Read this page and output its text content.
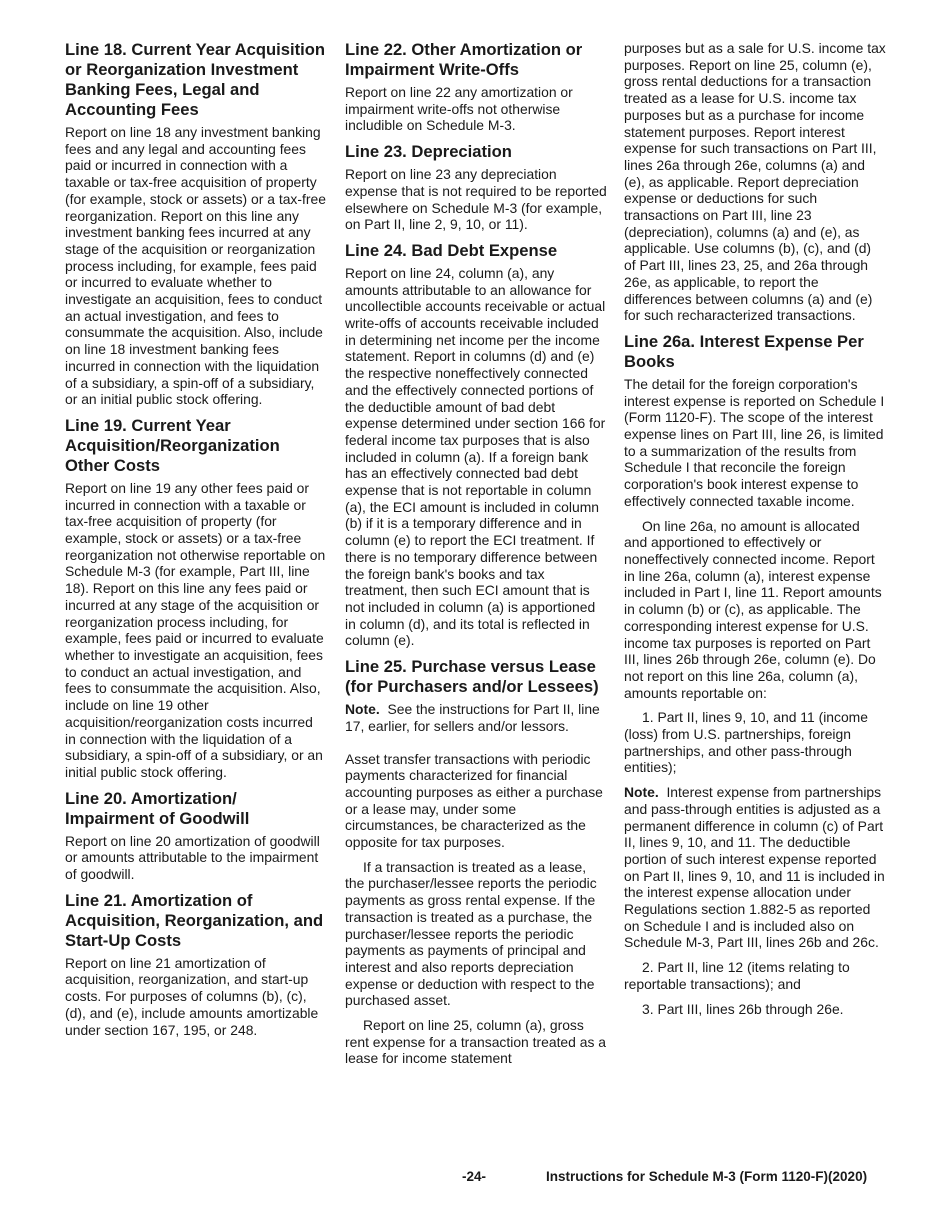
Line 18. Current Year Acquisition or Reorganization Investment Banking Fees, Legal and Accounting Fees

Report on line 18 any investment banking fees and any legal and accounting fees paid or incurred in connection with a taxable or tax-free acquisition of property (for example, stock or assets) or a tax-free reorganization. Report on this line any investment banking fees incurred at any stage of the acquisition or reorganization process including, for example, fees paid or incurred to evaluate whether to investigate an acquisition, fees to conduct an actual investigation, and fees to consummate the acquisition. Also, include on line 18 investment banking fees incurred in connection with the liquidation of a subsidiary, a spin-off of a subsidiary, or an initial public stock offering.

Line 19. Current Year Acquisition/Reorganization Other Costs

Report on line 19 any other fees paid or incurred in connection with a taxable or tax-free acquisition of property (for example, stock or assets) or a tax-free reorganization not otherwise reportable on Schedule M-3 (for example, Part III, line 18). Report on this line any fees paid or incurred at any stage of the acquisition or reorganization process including, for example, fees paid or incurred to evaluate whether to investigate an acquisition, fees to conduct an actual investigation, and fees to consummate the acquisition. Also, include on line 19 other acquisition/reorganization costs incurred in connection with the liquidation of a subsidiary, a spin-off of a subsidiary, or an initial public stock offering.

Line 20. Amortization/ Impairment of Goodwill

Report on line 20 amortization of goodwill or amounts attributable to the impairment of goodwill.

Line 21. Amortization of Acquisition, Reorganization, and Start-Up Costs

Report on line 21 amortization of acquisition, reorganization, and start-up costs. For purposes of columns (b), (c), (d), and (e), include amounts amortizable under section 167, 195, or 248.

Line 22. Other Amortization or Impairment Write-Offs

Report on line 22 any amortization or impairment write-offs not otherwise includible on Schedule M-3.

Line 23. Depreciation

Report on line 23 any depreciation expense that is not required to be reported elsewhere on Schedule M-3 (for example, on Part II, line 2, 9, 10, or 11).

Line 24. Bad Debt Expense

Report on line 24, column (a), any amounts attributable to an allowance for uncollectible accounts receivable or actual write-offs of accounts receivable included in determining net income per the income statement. Report in columns (d) and (e) the respective noneffectively connected and the effectively connected portions of the deductible amount of bad debt expense determined under section 166 for federal income tax purposes that is also included in column (a). If a foreign bank has an effectively connected bad debt expense that is not reportable in column (a), the ECI amount is included in column (b) if it is a temporary difference and in column (e) to report the ECI treatment. If there is no temporary difference between the foreign bank's books and tax treatment, then such ECI amount that is not included in column (a) is apportioned in column (d), and its total is reflected in column (e).

Line 25. Purchase versus Lease (for Purchasers and/or Lessees)

Note. See the instructions for Part II, line 17, earlier, for sellers and/or lessors.

Asset transfer transactions with periodic payments characterized for financial accounting purposes as either a purchase or a lease may, under some circumstances, be characterized as the opposite for tax purposes.

If a transaction is treated as a lease, the purchaser/lessee reports the periodic payments as gross rental expense. If the transaction is treated as a purchase, the purchaser/lessee reports the periodic payments as payments of principal and interest and also reports depreciation expense or deduction with respect to the purchased asset.

Report on line 25, column (a), gross rent expense for a transaction treated as a lease for income statement

purposes but as a sale for U.S. income tax purposes. Report on line 25, column (e), gross rental deductions for a transaction treated as a lease for U.S. income tax purposes but as a purchase for income statement purposes. Report interest expense for such transactions on Part III, lines 26a through 26e, columns (a) and (e), as applicable. Report depreciation expense or deductions for such transactions on Part III, line 23 (depreciation), columns (a) and (e), as applicable. Use columns (b), (c), and (d) of Part III, lines 23, 25, and 26a through 26e, as applicable, to report the differences between columns (a) and (e) for such recharacterized transactions.

Line 26a. Interest Expense Per Books

The detail for the foreign corporation's interest expense is reported on Schedule I (Form 1120-F). The scope of the interest expense lines on Part III, line 26, is limited to a summarization of the results from Schedule I that reconcile the foreign corporation's book interest expense to effectively connected taxable income.

On line 26a, no amount is allocated and apportioned to effectively or noneffectively connected income. Report in line 26a, column (a), interest expense included in Part I, line 11. Report amounts in column (b) or (c), as applicable. The corresponding interest expense for U.S. income tax purposes is reported on Part III, lines 26b through 26e, column (e). Do not report on this line 26a, column (a), amounts reportable on:

1. Part II, lines 9, 10, and 11 (income (loss) from U.S. partnerships, foreign partnerships, and other pass-through entities);

Note. Interest expense from partnerships and pass-through entities is adjusted as a permanent difference in column (c) of Part II, lines 9, 10, and 11. The deductible portion of such interest expense reported on Part II, lines 9, 10, and 11 is included in the interest expense allocation under Regulations section 1.882-5 as reported on Schedule I and is included also on Schedule M-3, Part III, lines 26b and 26c.

2. Part II, line 12 (items relating to reportable transactions); and

3. Part III, lines 26b through 26e.

-24-	Instructions for Schedule M-3 (Form 1120-F)(2020)
